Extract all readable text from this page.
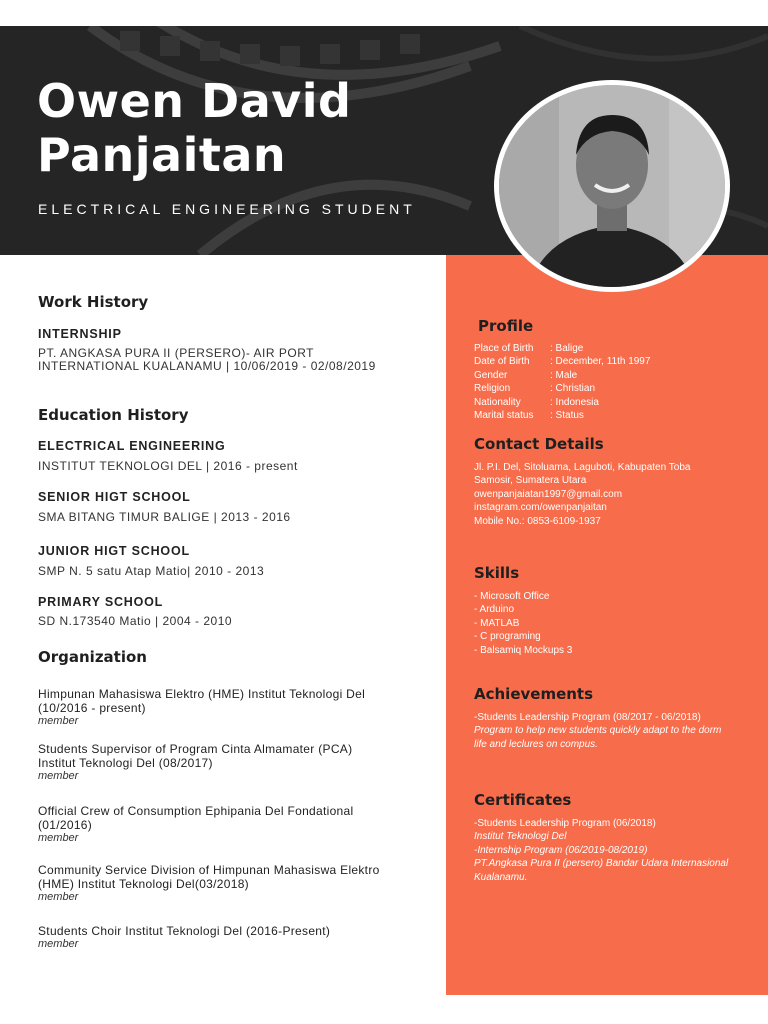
Owen David
Panjaitan
ELECTRICAL ENGINEERING STUDENT
Work History
INTERNSHIP
PT. ANGKASA PURA II (PERSERO)- AIR PORT
INTERNATIONAL KUALANAMU | 10/06/2019 - 02/08/2019
Education History
ELECTRICAL ENGINEERING
INSTITUT TEKNOLOGI DEL | 2016 - present
SENIOR HIGT SCHOOL
SMA BITANG TIMUR BALIGE | 2013 - 2016
JUNIOR HIGT SCHOOL
SMP N. 5 satu Atap Matio| 2010 - 2013
PRIMARY SCHOOL
SD N.173540 Matio | 2004 - 2010
Organization
Himpunan Mahasiswa Elektro (HME) Institut Teknologi Del
(10/2016 - present)
member
Students Supervisor of Program Cinta Almamater (PCA)
Institut Teknologi Del (08/2017)
member
Official Crew of Consumption Ephipania Del Fondational
(01/2016)
member
Community Service Division of Himpunan Mahasiswa Elektro
(HME) Institut Teknologi Del(03/2018)
member
Students Choir Institut Teknologi Del (2016-Present)
member
Profile
Place of Birth	: Balige
Date of Birth	: December, 11th 1997
Gender	: Male
Religion	: Christian
Nationality	: Indonesia
Marital status	: Status
Contact Details
Jl. P.I. Del, Sitoluama, Laguboti, Kabupaten Toba
Samosir, Sumatera Utara
owenpanjaiatan1997@gmail.com
instagram.com/owenpanjaitan
Mobile No.: 0853-6109-1937
Skills
- Microsoft Office
- Arduino
- MATLAB
- C programing
- Balsamiq Mockups 3
Achievements
-Students Leadership Program (08/2017 - 06/2018)
Program to help new students quickly adapt to the dorm
life and leclures on compus.
Certificates
-Students Leadership Program (06/2018)
Institut Teknologi Del
-Internship Program (06/2019-08/2019)
PT.Angkasa Pura II (persero) Bandar Udara Internasional
Kualanamu.
